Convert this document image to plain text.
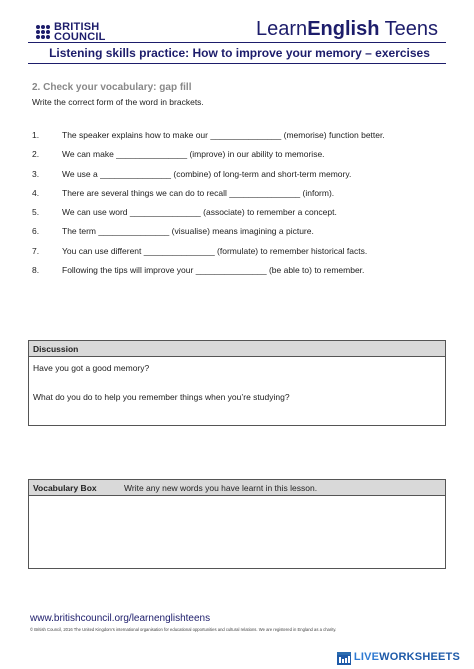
BRITISH
COUNCIL	LearnEnglish Teens
Listening skills practice: How to improve your memory – exercises
2. Check your vocabulary: gap fill
Write the correct form of the word in brackets.
1.	The speaker explains how to make our _______________ (memorise) function better.
2.	We can make _______________ (improve) in our ability to memorise.
3.	We use a _______________ (combine) of long-term and short-term memory.
4.	There are several things we can do to recall _______________ (inform).
5.	We can use word _______________ (associate) to remember a concept.
6.	The term _______________ (visualise) means imagining a picture.
7.	You can use different _______________ (formulate) to remember historical facts.
8.	Following the tips will improve your _______________ (be able to) to remember.
Discussion
Have you got a good memory?
What do you do to help you remember things when you’re studying?
Vocabulary Box	Write any new words you have learnt in this lesson.
www.britishcouncil.org/learnenglishteens
© British Council, 2016 The United Kingdom’s international organisation for educational opportunities and cultural relations. We are registered in England as a charity.
LIVEWORKSHEETS
